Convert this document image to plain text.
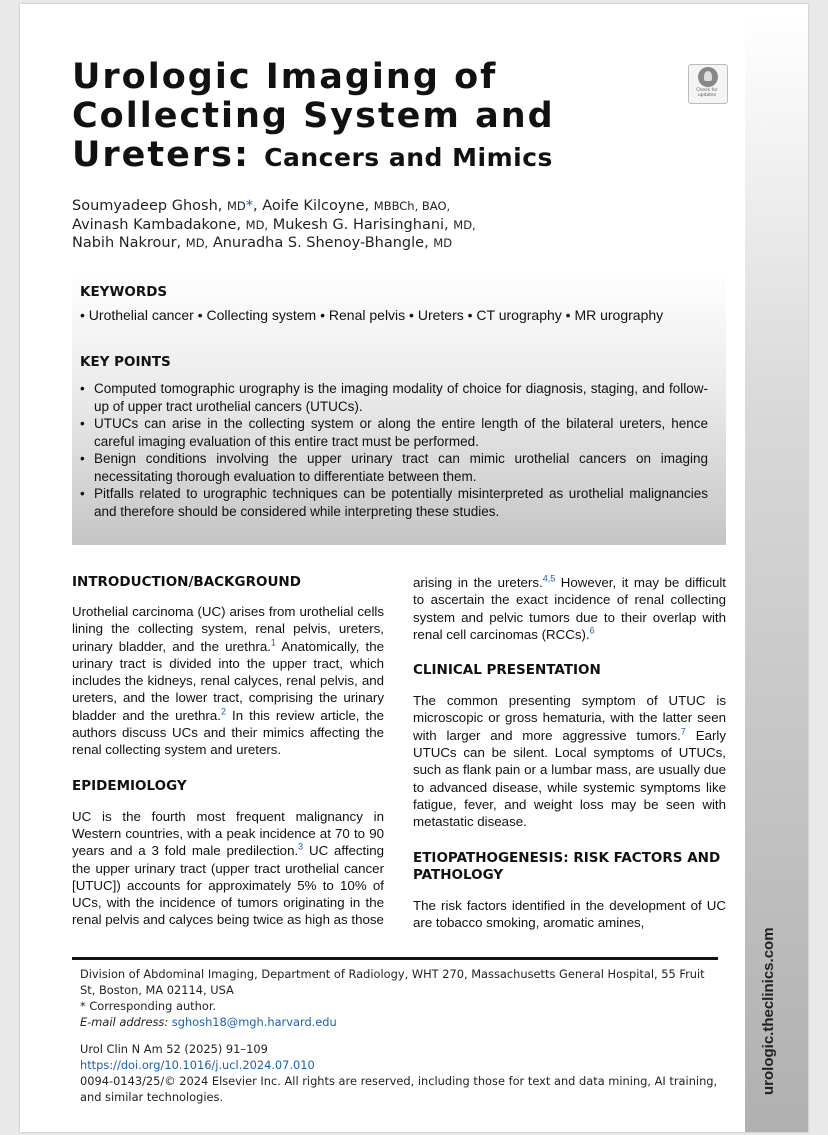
urologic.theclinics.com
Urologic Imaging of
Collecting System and
Ureters: Cancers and Mimics
Check for updates
Soumyadeep Ghosh, MD*, Aoife Kilcoyne, MBBCh, BAO,
Avinash Kambadakone, MD, Mukesh G. Harisinghani, MD,
Nabih Nakrour, MD, Anuradha S. Shenoy-Bhangle, MD
KEYWORDS
• Urothelial cancer • Collecting system • Renal pelvis • Ureters • CT urography • MR urography
KEY POINTS
• Computed tomographic urography is the imaging modality of choice for diagnosis, staging, and follow-up of upper tract urothelial cancers (UTUCs).
• UTUCs can arise in the collecting system or along the entire length of the bilateral ureters, hence careful imaging evaluation of this entire tract must be performed.
• Benign conditions involving the upper urinary tract can mimic urothelial cancers on imaging necessitating thorough evaluation to differentiate between them.
• Pitfalls related to urographic techniques can be potentially misinterpreted as urothelial malignancies and therefore should be considered while interpreting these studies.
INTRODUCTION/BACKGROUND

Urothelial carcinoma (UC) arises from urothelial cells lining the collecting system, renal pelvis, ureters, urinary bladder, and the urethra.$^1$ Anatomically, the urinary tract is divided into the upper tract, which includes the kidneys, renal calyces, renal pelvis, and ureters, and the lower tract, comprising the urinary bladder and the urethra.$^2$ In this review article, the authors discuss UCs and their mimics affecting the renal collecting system and ureters.

EPIDEMIOLOGY

UC is the fourth most frequent malignancy in Western countries, with a peak incidence at 70 to 90 years and a 3 fold male predilection.$^3$ UC affecting the upper urinary tract (upper tract urothelial cancer [UTUC]) accounts for approximately 5% to 10% of UCs, with the incidence of tumors originating in the renal pelvis and calyces being twice as high as those

arising in the ureters.$^{4,5}$ However, it may be difficult to ascertain the exact incidence of renal collecting system and pelvic tumors due to their overlap with renal cell carcinomas (RCCs).$^6$

CLINICAL PRESENTATION

The common presenting symptom of UTUC is microscopic or gross hematuria, with the latter seen with larger and more aggressive tumors.$^7$ Early UTUCs can be silent. Local symptoms of UTUCs, such as flank pain or a lumbar mass, are usually due to advanced disease, while systemic symptoms like fatigue, fever, and weight loss may be seen with metastatic disease.

ETIOPATHOGENESIS: RISK FACTORS AND PATHOLOGY

The risk factors identified in the development of UC are tobacco smoking, aromatic amines,

Division of Abdominal Imaging, Department of Radiology, WHT 270, Massachusetts General Hospital, 55 Fruit St, Boston, MA 02114, USA
* Corresponding author.
E-mail address: sghosh18@mgh.harvard.edu
Urol Clin N Am 52 (2025) 91–109
https://doi.org/10.1016/j.ucl.2024.07.010
0094-0143/25/© 2024 Elsevier Inc. All rights are reserved, including those for text and data mining, AI training, and similar technologies.
